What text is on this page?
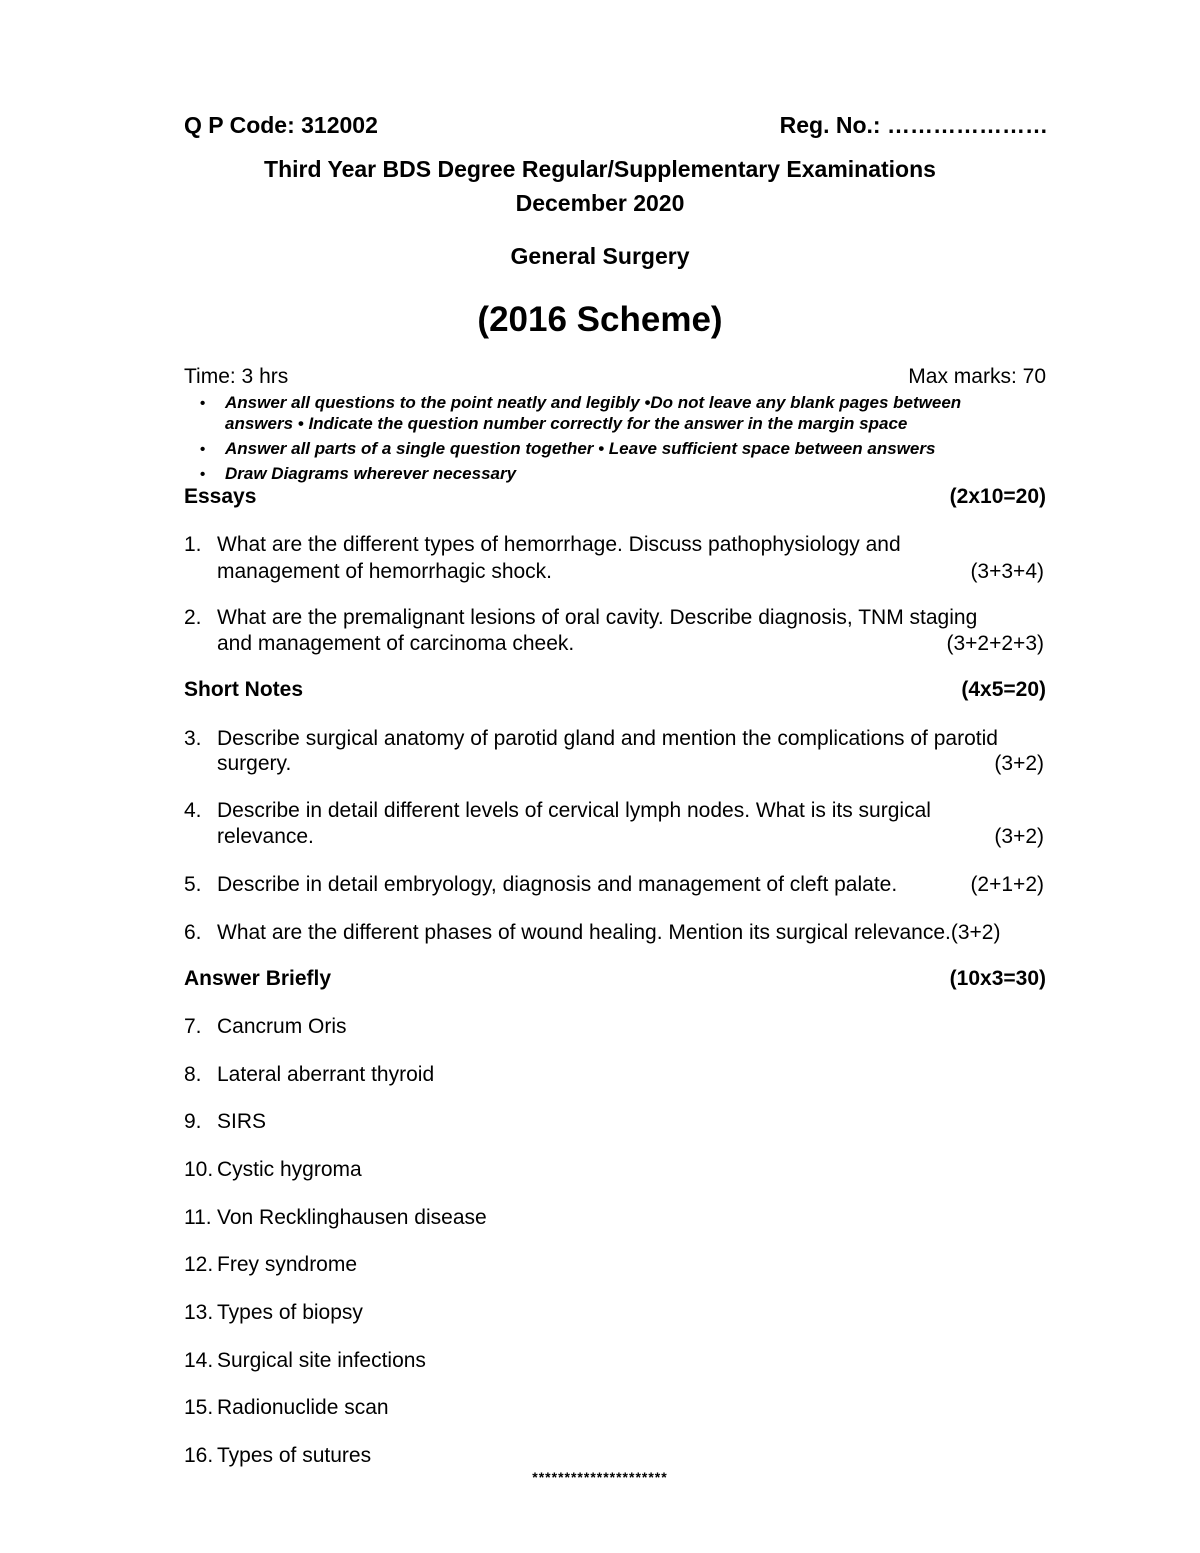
Q P Code: 312002	Reg. No.: …………………
Third Year BDS Degree Regular/Supplementary Examinations
December 2020
General Surgery
(2016 Scheme)
Time: 3 hrs	Max marks: 70
• Answer all questions to the point neatly and legibly •Do not leave any blank pages between
answers • Indicate the question number correctly for the answer in the margin space
• Answer all parts of a single question together • Leave sufficient space between answers
• Draw Diagrams wherever necessary
Essays	(2x10=20)
1. What are the different types of hemorrhage. Discuss pathophysiology and
management of hemorrhagic shock.	(3+3+4)
2. What are the premalignant lesions of oral cavity. Describe diagnosis, TNM staging
and management of carcinoma cheek.	(3+2+2+3)
Short Notes	(4x5=20)
3. Describe surgical anatomy of parotid gland and mention the complications of parotid
surgery.	(3+2)
4. Describe in detail different levels of cervical lymph nodes. What is its surgical
relevance.	(3+2)
5. Describe in detail embryology, diagnosis and management of cleft palate.	(2+1+2)
6. What are the different phases of wound healing. Mention its surgical relevance.(3+2)
Answer Briefly	(10x3=30)
7. Cancrum Oris
8. Lateral aberrant thyroid
9. SIRS
10. Cystic hygroma
11. Von Recklinghausen disease
12. Frey syndrome
13. Types of biopsy
14. Surgical site infections
15. Radionuclide scan
16. Types of sutures
*********************
